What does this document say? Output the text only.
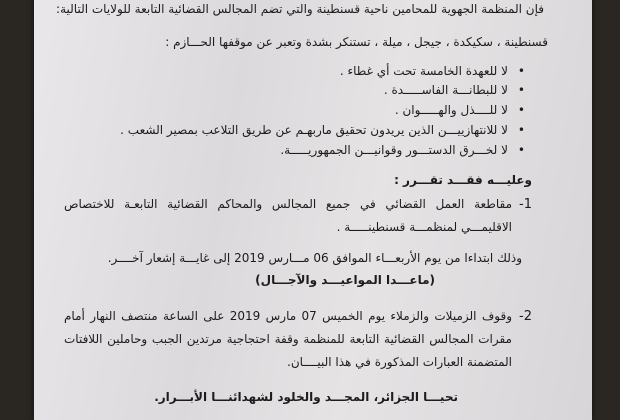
فإن المنظمة الجهوية للمحامين ناحية قسنطينة والتي تضم المجالس القضائية التابعة للولايات التالية:
قسنطينة ، سكيكدة ، جيجل ، ميلة ، تستنكر بشدة وتعبر عن موقفها الحـــازم :
• لا للعهدة الخامسة تحت أي غطاء .
• لا للبطانـــة الفاســـــدة .
• لا للــــذل والهـــــوان .
• لا للانتهازييـــن الذين يريدون تحقيق ماربهـم عن طريق التلاعب بمصير الشعب .
• لا لخـــرق الدستـــور وقوانيـــن الجمهوريـــــة.
وعليـــه فقـــد تقـــرر :
1-
مقاطعة العمل القضائي في جميع المجالس والمحاكم القضائية التابعـة للاختصاص الاقليمـــي لمنظمـــة قسنطينـــــة .
وذلك ابتداءا من يوم الأربعـــاء الموافق 06 مـــارس 2019 إلى غايـــة إشعار آخــــر.
(ماعـــدا المواعيـــد والآجـــال)
2-
وقوف الزميلات والزملاء يوم الخميس 07 مارس 2019 على الساعة منتصف النهار أمام مقرات المجالس القضائية التابعة للمنظمة وقفة احتجاجية مرتدين الجبب وحاملين اللافتات المتضمنة العبارات المذكورة في هذا البيــــان.
تحيـــا الجزائر، المجـــد والخلود لشهدائنـــا الأبـــرار.
